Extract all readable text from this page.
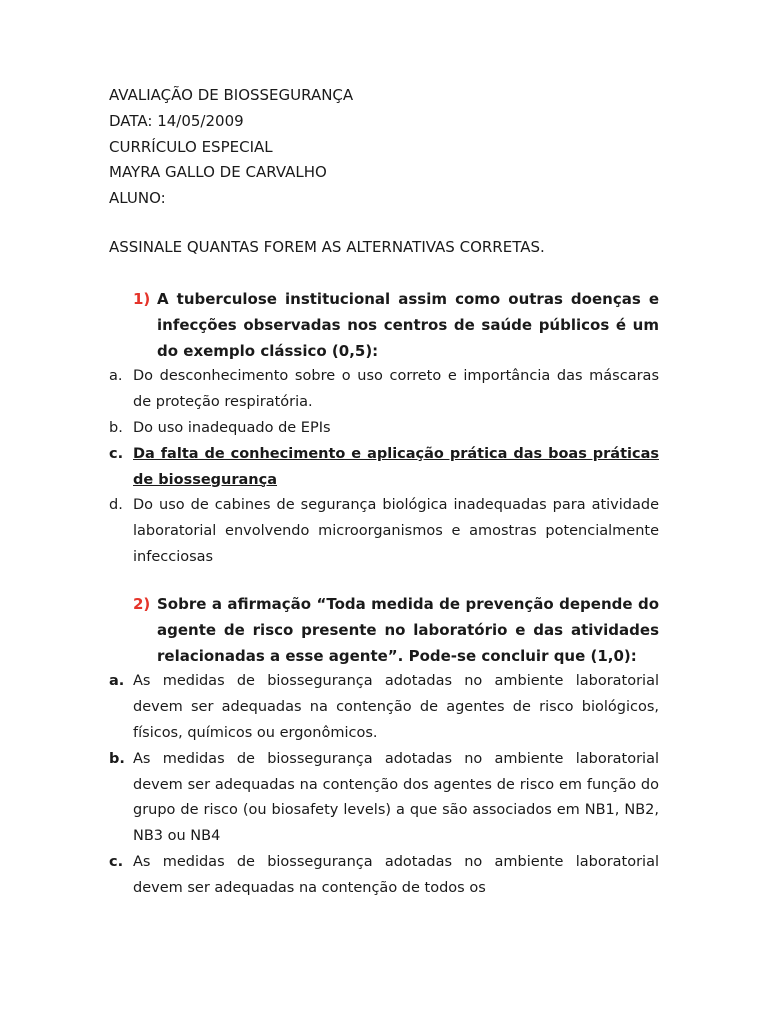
AVALIAÇÃO DE BIOSSEGURANÇA
DATA: 14/05/2009
CURRÍCULO ESPECIAL
MAYRA GALLO DE CARVALHO
ALUNO:
ASSINALE QUANTAS FOREM AS ALTERNATIVAS CORRETAS.
1) A tuberculose institucional assim como outras doenças e infecções observadas nos centros de saúde públicos é um do exemplo clássico (0,5):
a. Do desconhecimento sobre o uso correto e importância das máscaras de proteção respiratória.
b. Do uso inadequado de EPIs
c. Da falta de conhecimento e aplicação prática das boas práticas de biossegurança
d. Do uso de cabines de segurança biológica inadequadas para atividade laboratorial envolvendo microorganismos e amostras potencialmente infecciosas
2) Sobre a afirmação “Toda medida de prevenção depende do agente de risco presente no laboratório e das atividades relacionadas a esse agente”. Pode-se concluir que (1,0):
a. As medidas de biossegurança adotadas no ambiente laboratorial devem ser adequadas na contenção de agentes de risco biológicos, físicos, químicos ou ergonômicos.
b. As medidas de biossegurança adotadas no ambiente laboratorial devem ser adequadas na contenção dos agentes de risco em função do grupo de risco (ou biosafety levels) a que são associados em NB1, NB2, NB3 ou NB4
c. As medidas de biossegurança adotadas no ambiente laboratorial devem ser adequadas na contenção de todos os
